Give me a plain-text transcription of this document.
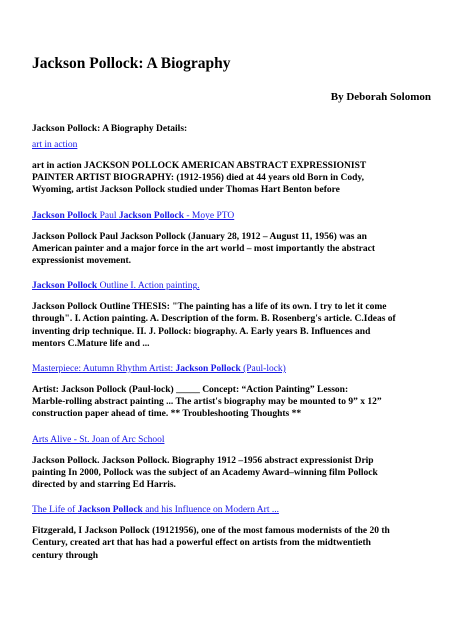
Jackson Pollock: A Biography
By Deborah Solomon

Jackson Pollock: A Biography Details:

art in action

art in action JACKSON POLLOCK AMERICAN ABSTRACT EXPRESSIONIST
PAINTER ARTIST BIOGRAPHY: (1912-1956) died at 44 years old Born in Cody,
Wyoming, artist Jackson Pollock studied under Thomas Hart Benton before

Jackson Pollock Paul Jackson Pollock - Moye PTO

Jackson Pollock Paul Jackson Pollock (January 28, 1912 – August 11, 1956) was an
American painter and a major force in the art world – most importantly the abstract
expressionist movement.

Jackson Pollock Outline I. Action painting.

Jackson Pollock Outline THESIS: "The painting has a life of its own. I try to let it come
through". I. Action painting. A. Description of the form. B. Rosenberg's article. C.Ideas of
inventing drip technique. II. J. Pollock: biography. A. Early years B. Influences and
mentors C.Mature life and ...

Masterpiece: Autumn Rhythm Artist: Jackson Pollock (Paul-lock)

Artist: Jackson Pollock (Paul-lock) _____ Concept: “Action Painting” Lesson:
Marble-rolling abstract painting ... The artist's biography may be mounted to 9” x 12”
construction paper ahead of time. ** Troubleshooting Thoughts **

Arts Alive - St. Joan of Arc School

Jackson Pollock. Jackson Pollock. Biography 1912 –1956 abstract expressionist Drip
painting In 2000, Pollock was the subject of an Academy Award–winning film Pollock
directed by and starring Ed Harris.

The Life of Jackson Pollock and his Influence on Modern Art ...

Fitzgerald, I Jackson Pollock (19121956), one of the most famous modernists of the 20 th
Century, created art that has had a powerful effect on artists from the midtwentieth
century through
